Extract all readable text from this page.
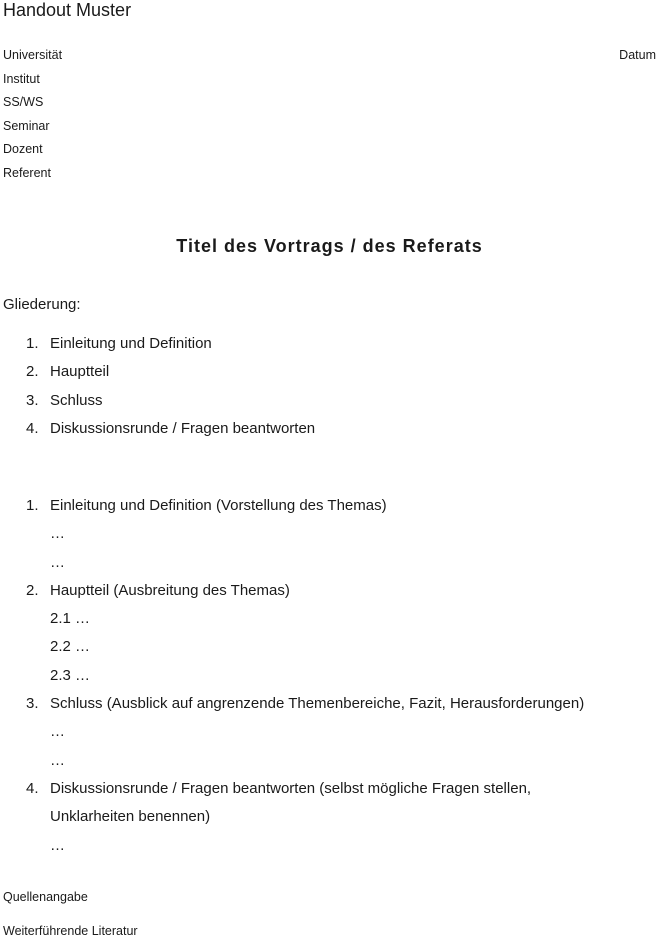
Handout Muster
Universität
Institut
SS/WS
Seminar
Dozent
Referent
Datum
Titel des Vortrags / des Referats
Gliederung:
1. Einleitung und Definition
2. Hauptteil
3. Schluss
4. Diskussionsrunde / Fragen beantworten
1. Einleitung und Definition (Vorstellung des Themas)
…
…
2. Hauptteil (Ausbreitung des Themas)
2.1 …
2.2 …
2.3 …
3. Schluss (Ausblick auf angrenzende Themenbereiche, Fazit, Herausforderungen)
…
…
4. Diskussionsrunde / Fragen beantworten (selbst mögliche Fragen stellen,
Unklarheiten benennen)
…
Quellenangabe
Weiterführende Literatur
